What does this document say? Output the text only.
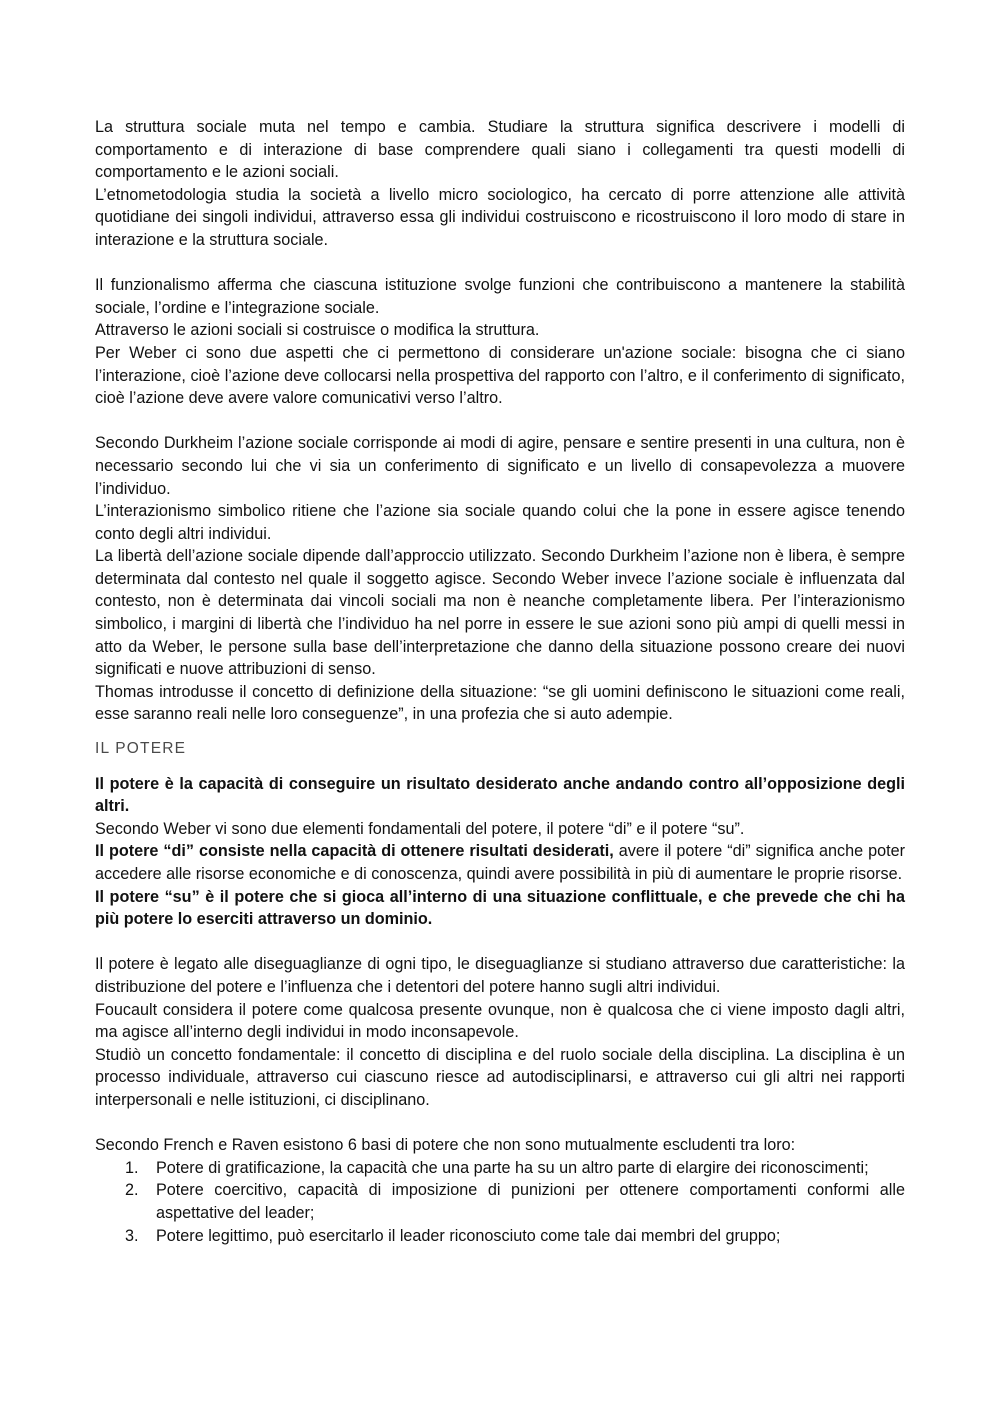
La struttura sociale muta nel tempo e cambia. Studiare la struttura significa descrivere i modelli di comportamento e di interazione di base comprendere quali siano i collegamenti tra questi modelli di comportamento e le azioni sociali.

L’etnometodologia studia la società a livello micro sociologico, ha cercato di porre attenzione alle attività quotidiane dei singoli individui, attraverso essa gli individui costruiscono e ricostruiscono il loro modo di stare in interazione e la struttura sociale.

Il funzionalismo afferma che ciascuna istituzione svolge funzioni che contribuiscono a mantenere la stabilità sociale, l’ordine e l’integrazione sociale.

Attraverso le azioni sociali si costruisce o modifica la struttura.

Per Weber ci sono due aspetti che ci permettono di considerare un'azione sociale: bisogna che ci siano l’interazione, cioè l’azione deve collocarsi nella prospettiva del rapporto con l’altro, e il conferimento di significato, cioè l’azione deve avere valore comunicativi verso l’altro.

Secondo Durkheim l’azione sociale corrisponde ai modi di agire, pensare e sentire presenti in una cultura, non è necessario secondo lui che vi sia un conferimento di significato e un livello di consapevolezza a muovere l’individuo.

L’interazionismo simbolico ritiene che l’azione sia sociale quando colui che la pone in essere agisce tenendo conto degli altri individui.

La libertà dell’azione sociale dipende dall’approccio utilizzato. Secondo Durkheim l’azione non è libera, è sempre determinata dal contesto nel quale il soggetto agisce. Secondo Weber invece l’azione sociale è influenzata dal contesto, non è determinata dai vincoli sociali ma non è neanche completamente libera. Per l’interazionismo simbolico, i margini di libertà che l’individuo ha nel porre in essere le sue azioni sono più ampi di quelli messi in atto da Weber, le persone sulla base dell’interpretazione che danno della situazione possono creare dei nuovi significati e nuove attribuzioni di senso.

Thomas introdusse il concetto di definizione della situazione: “se gli uomini definiscono le situazioni come reali, esse saranno reali nelle loro conseguenze”, in una profezia che si auto adempie.

IL POTERE

Il potere è la capacità di conseguire un risultato desiderato anche andando contro all’opposizione degli altri.

Secondo Weber vi sono due elementi fondamentali del potere, il potere “di” e il potere “su”.

Il potere “di” consiste nella capacità di ottenere risultati desiderati, avere il potere “di” significa anche poter accedere alle risorse economiche e di conoscenza, quindi avere possibilità in più di aumentare le proprie risorse.

Il potere “su” è il potere che si gioca all’interno di una situazione conflittuale, e che prevede che chi ha più potere lo eserciti attraverso un dominio.

Il potere è legato alle diseguaglianze di ogni tipo, le diseguaglianze si studiano attraverso due caratteristiche: la distribuzione del potere e l’influenza che i detentori del potere hanno sugli altri individui.

Foucault considera il potere come qualcosa presente ovunque, non è qualcosa che ci viene imposto dagli altri, ma agisce all’interno degli individui in modo inconsapevole.

Studiò un concetto fondamentale: il concetto di disciplina e del ruolo sociale della disciplina. La disciplina è un processo individuale, attraverso cui ciascuno riesce ad autodisciplinarsi, e attraverso cui gli altri nei rapporti interpersonali e nelle istituzioni, ci disciplinano.

Secondo French e Raven esistono 6 basi di potere che non sono mutualmente escludenti tra loro:

1. Potere di gratificazione, la capacità che una parte ha su un altro parte di elargire dei riconoscimenti;
2. Potere coercitivo, capacità di imposizione di punizioni per ottenere comportamenti conformi alle aspettative del leader;
3. Potere legittimo, può esercitarlo il leader riconosciuto come tale dai membri del gruppo;
